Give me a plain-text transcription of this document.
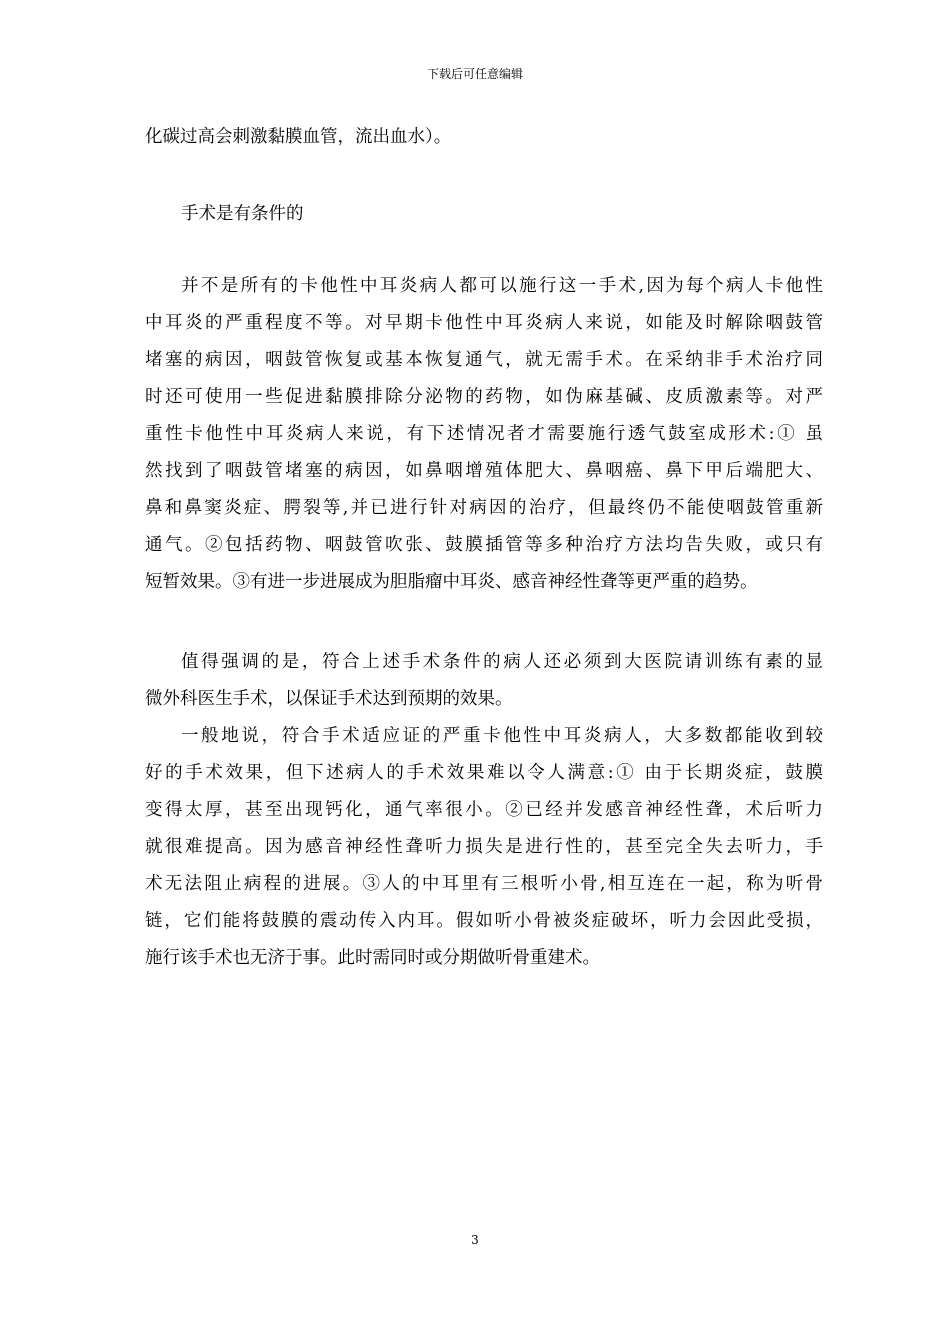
下载后可任意编辑
化碳过高会刺激黏膜血管，流出血水）。
手术是有条件的
并不是所有的卡他性中耳炎病人都可以施行这一手术,因为每个病人卡他性
中耳炎的严重程度不等。对早期卡他性中耳炎病人来说，如能及时解除咽鼓管
堵塞的病因，咽鼓管恢复或基本恢复通气，就无需手术。在采纳非手术治疗同
时还可使用一些促进黏膜排除分泌物的药物，如伪麻基碱、皮质激素等。对严
重性卡他性中耳炎病人来说，有下述情况者才需要施行透气鼓室成形术:① 虽
然找到了咽鼓管堵塞的病因，如鼻咽增殖体肥大、鼻咽癌、鼻下甲后端肥大、
鼻和鼻窦炎症、腭裂等,并已进行针对病因的治疗，但最终仍不能使咽鼓管重新
通气。②包括药物、咽鼓管吹张、鼓膜插管等多种治疗方法均告失败，或只有
短暂效果。③有进一步进展成为胆脂瘤中耳炎、感音神经性聋等更严重的趋势。
值得强调的是，符合上述手术条件的病人还必须到大医院请训练有素的显
微外科医生手术，以保证手术达到预期的效果。
一般地说，符合手术适应证的严重卡他性中耳炎病人，大多数都能收到较
好的手术效果，但下述病人的手术效果难以令人满意:① 由于长期炎症，鼓膜
变得太厚，甚至出现钙化，通气率很小。②已经并发感音神经性聋，术后听力
就很难提高。因为感音神经性聋听力损失是进行性的，甚至完全失去听力，手
术无法阻止病程的进展。③人的中耳里有三根听小骨,相互连在一起，称为听骨
链，它们能将鼓膜的震动传入内耳。假如听小骨被炎症破坏，听力会因此受损，
施行该手术也无济于事。此时需同时或分期做听骨重建术。
3
